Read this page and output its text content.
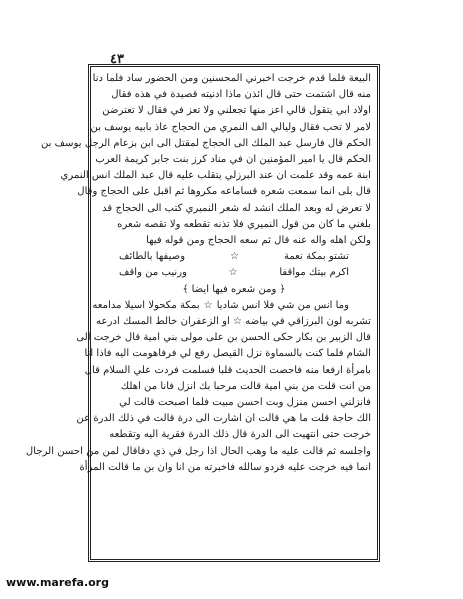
٤٣
البيعة فلما قدم خرجت اخبرني المحسنين ومن الحضور ساد فلما دنا
منه قال اشتمت حتى قال ائذن ماذا ادنيته قصيدة في هذه فقال
اولاد ابي يتقول قالي اعز منها تجعلني ولا تعز في فقال لا تعترضن
لامر لا تحب فقال وليالي الف النمري من الحجاج عاذ بابيه يوسف بن
الحكم قال فارسل عبد الملك الى الحجاج لمقتل الى ابن بزعام الرجل يوسف بن
الحكم قال يا امير المؤمنين ان في مناد كرز بنت جابر كريمة العرب
ابنة عمه وقد علمت ان عند البرزلي يتقلب عليه قال عبد الملك انس النمري
قال بلى انما سمعت شعره قساماعه مكروها ثم اقبل على الحجاج وقال
لا تعرض له وبعد الملك انشد له شعر النميري كتب الى الحجاج قد
بلغني ما كان من قول النميري فلا تذنه تقطعه ولا تقصه شعره
ولكن اهله واله عنه قال ثم سعه الحجاج ومن قوله فيها
تشتو بمكة نعمة
☆
وصيفها بالطائف
اكرم بيتك مواقفا
☆
ورنيب من واقف
﴿ ومن شعره فيها ايضا ﴾
وما انس من شي فلا انس شاديا
☆
بمكة مكحولا اسيلا مدامعه
تشربه لون البرزاقي في بياضه ☆ او الزعفران خالط المسك ادرعه
قال الزبير بن بكار حكى الحسن بن على مولى بني امية قال خرجت الى
الشام فلما كنت بالسماوة نزل القيصل رفع لي فرفاهومت اليه فاذا انا
بامرأة ارفعا منه فاحصت الحديث قلبا فسلمت فردت علي السلام قال
من انت قلت من بني امية قالت مرحبا بك انزل فانا من اهلك
فانزلني احسن منزل وبت احسن مبيت فلما اصبحت قالت لي
الك حاجة قلت ما هي قالت ان اشارت الى درة قالت في ذلك الدرة عن
خرجت حتى انتهيت الى الدرة قال ذلك الدرة فقرية اليه وتقطعه
واجلسه ثم قالت عليه ما وهب الحال اذا رجل في ذي دفاقال لمن من احسن الرجال
انما فيه خرجت عليه فردو سالله فاخبرته من انا وان بن ما قالت المرأة
www.marefa.org
